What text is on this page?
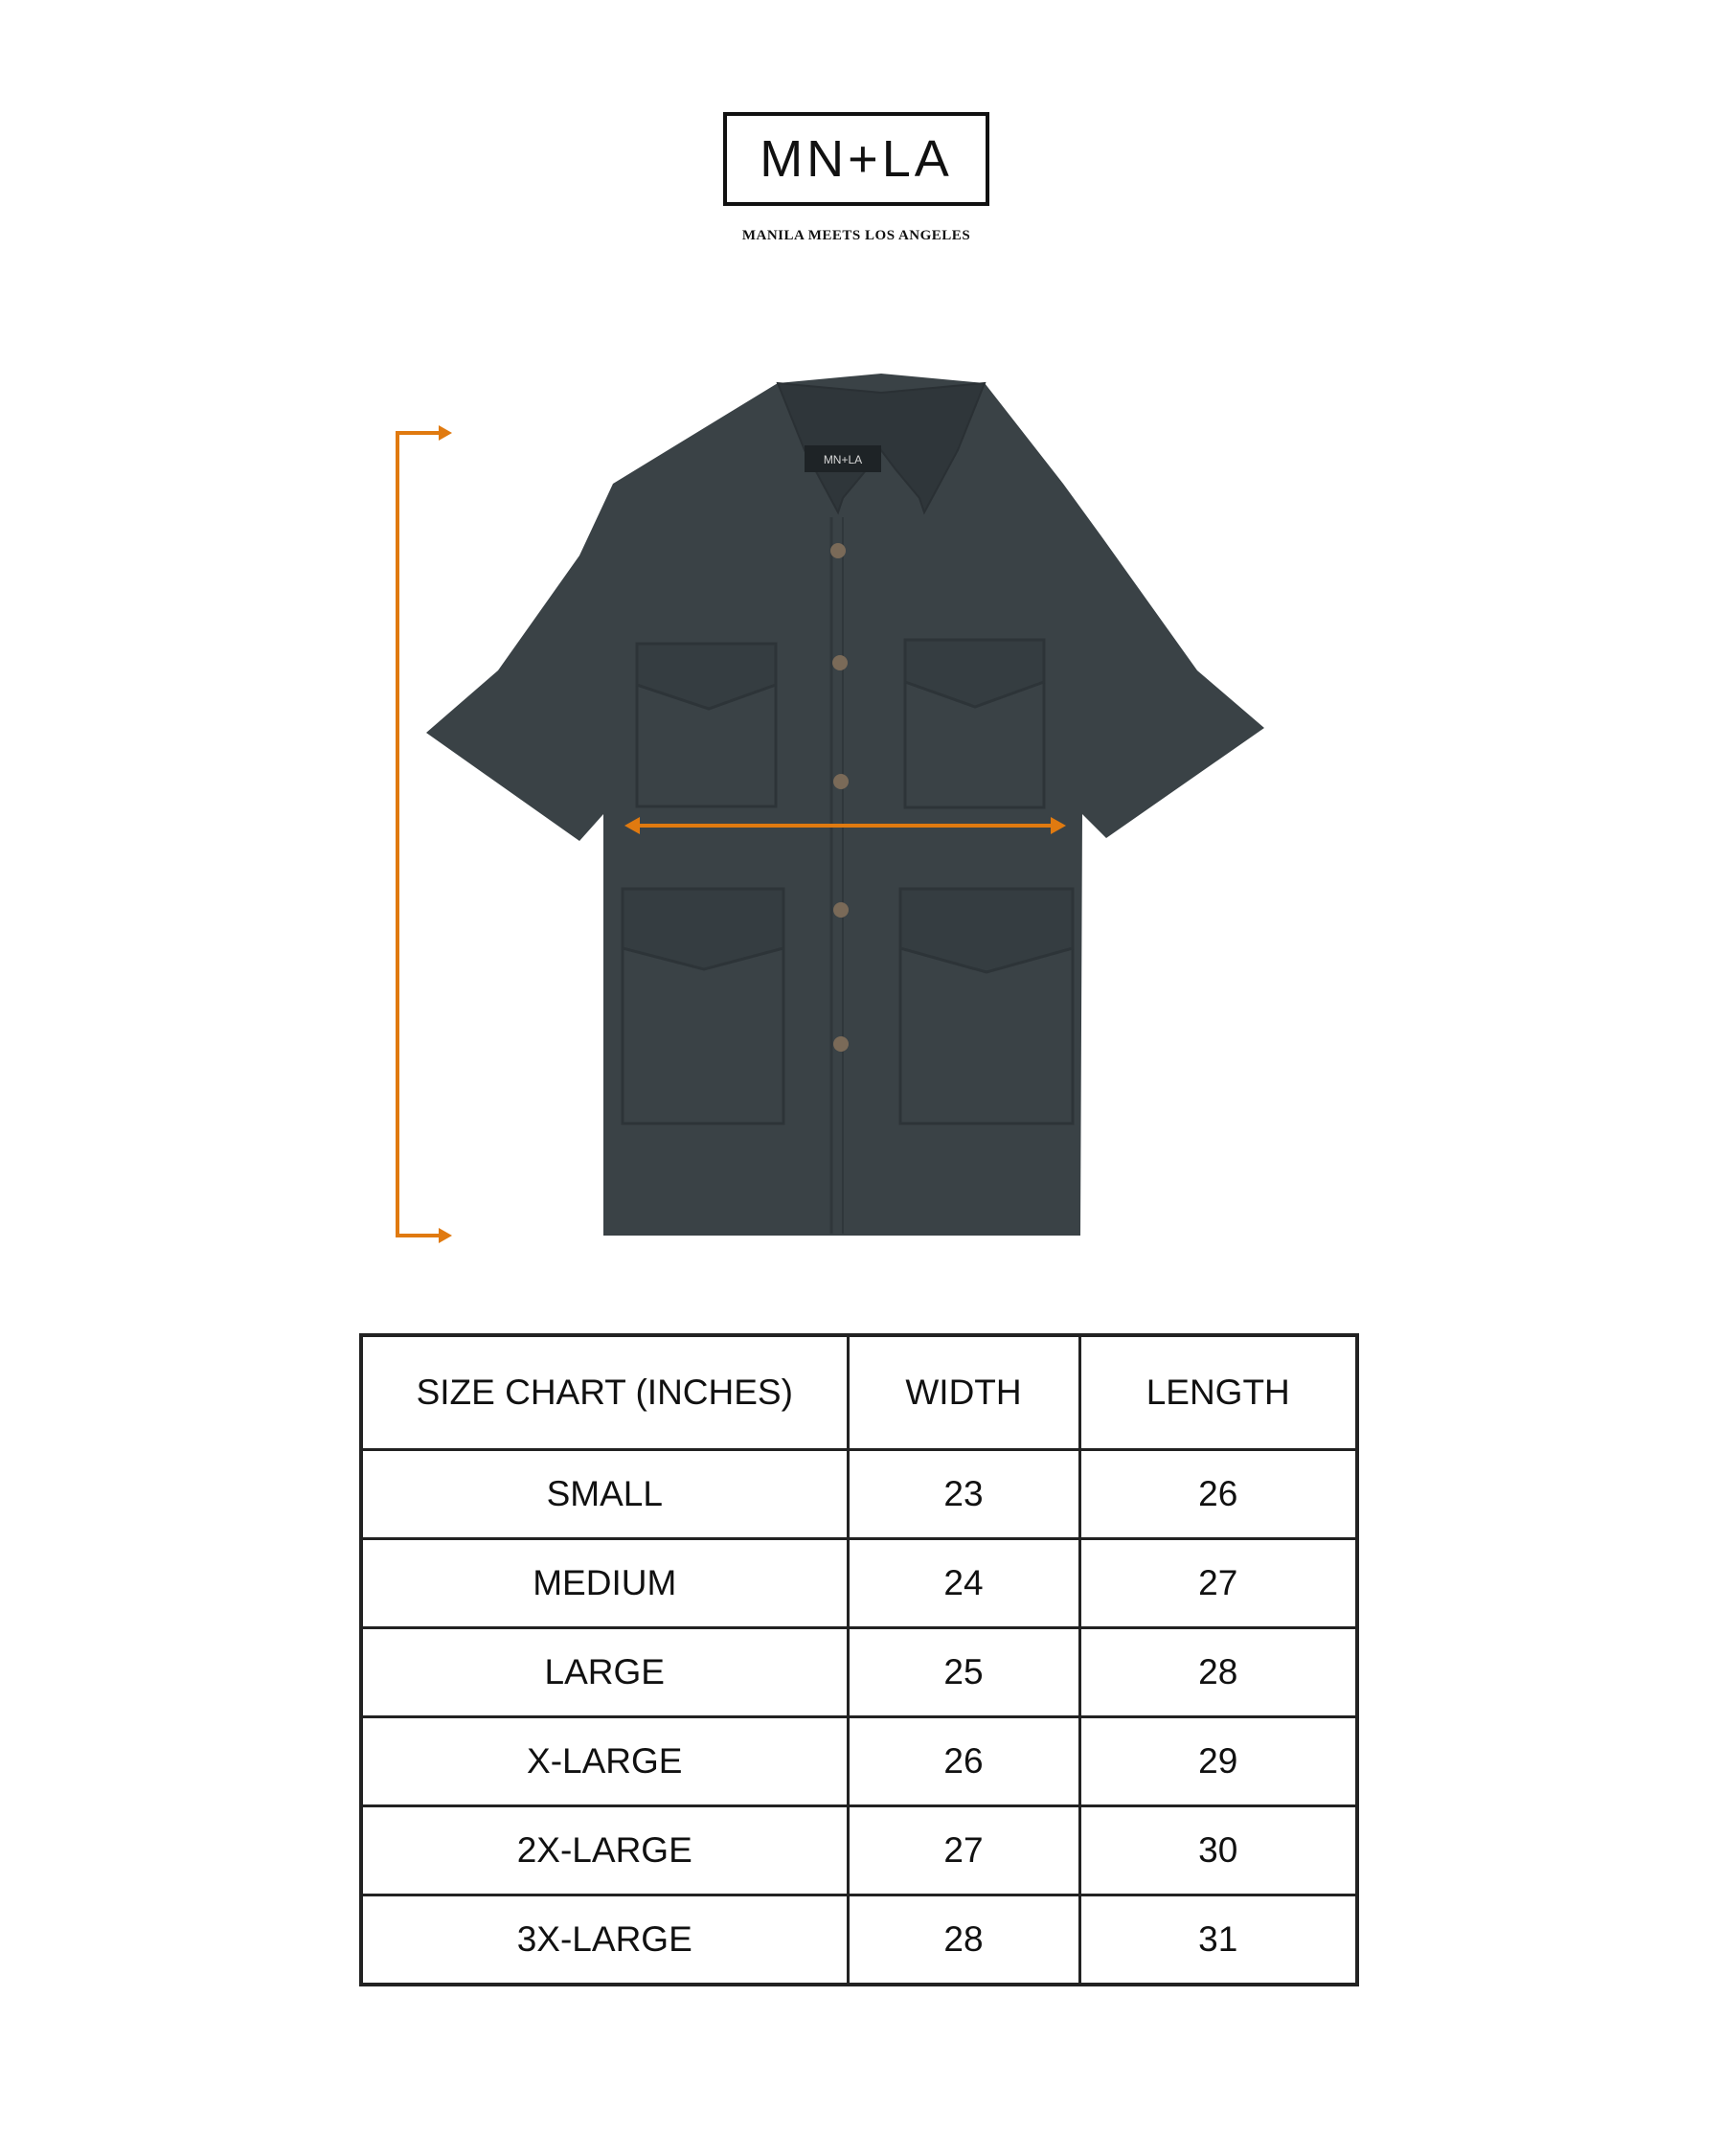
MN+LA
MANILA MEETS LOS ANGELES
MN+LA
SIZE CHART (INCHES)	WIDTH	LENGTH
SMALL	23	26
MEDIUM	24	27
LARGE	25	28
X-LARGE	26	29
2X-LARGE	27	30
3X-LARGE	28	31
